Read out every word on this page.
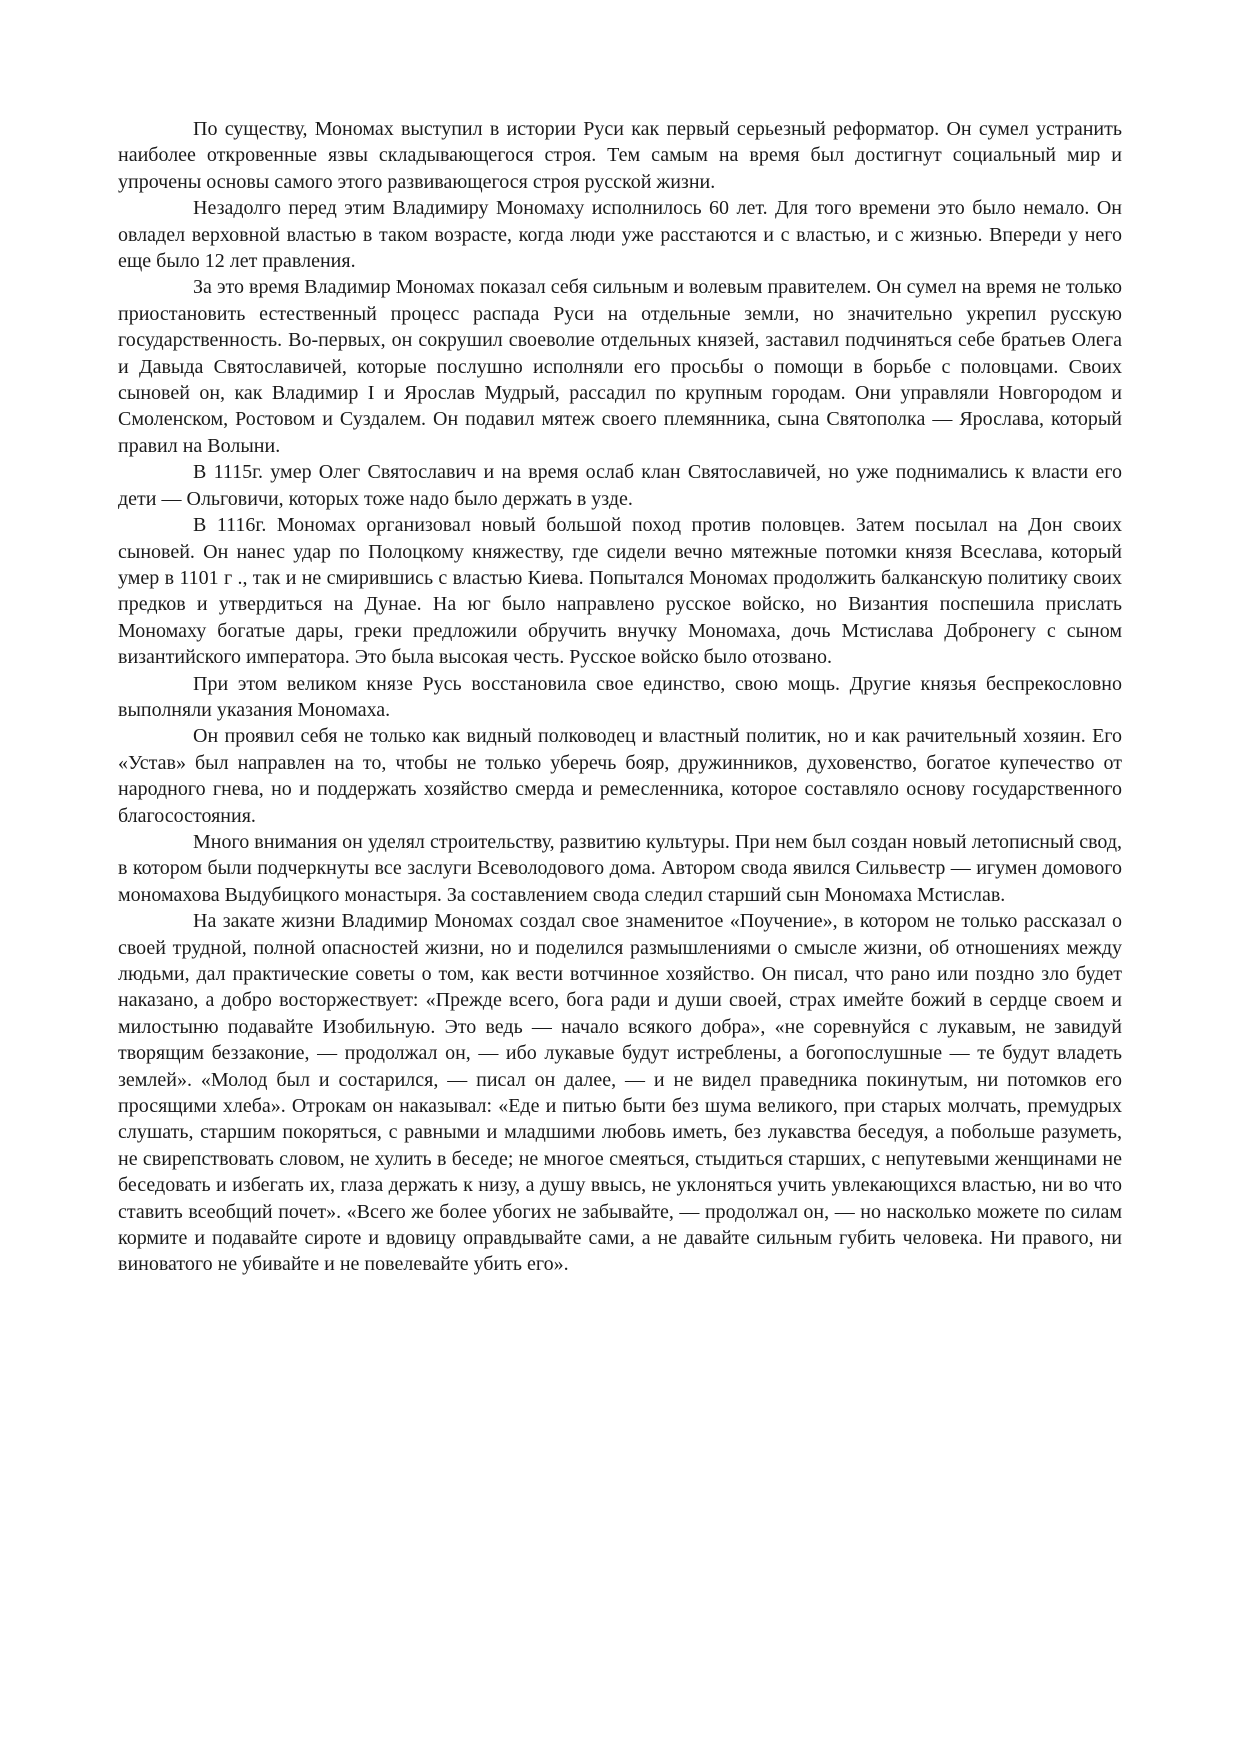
По существу, Мономах выступил в истории Руси как первый серьезный реформатор. Он сумел устранить наиболее откровенные язвы складывающегося строя. Тем самым на время был достигнут социальный мир и упрочены основы самого этого развивающегося строя русской жизни.

Незадолго перед этим Владимиру Мономаху исполнилось 60 лет. Для того времени это было немало. Он овладел верховной властью в таком возрасте, когда люди уже расстаются и с властью, и с жизнью. Впереди у него еще было 12 лет правления.

За это время Владимир Мономах показал себя сильным и волевым правителем. Он сумел на время не только приостановить естественный процесс распада Руси на отдельные земли, но значительно укрепил русскую государственность. Во-первых, он сокрушил своеволие отдельных князей, заставил подчиняться себе братьев Олега и Давыда Святославичей, которые послушно исполняли его просьбы о помощи в борьбе с половцами. Своих сыновей он, как Владимир I и Ярослав Мудрый, рассадил по крупным городам. Они управляли Новгородом и Смоленском, Ростовом и Суздалем. Он подавил мятеж своего племянника, сына Святополка — Ярослава, который правил на Волыни.

В 1115г. умер Олег Святославич и на время ослаб клан Святославичей, но уже поднимались к власти его дети — Ольговичи, которых тоже надо было держать в узде.

В 1116г. Мономах организовал новый большой поход против половцев. Затем посылал на Дон своих сыновей. Он нанес удар по Полоцкому княжеству, где сидели вечно мятежные потомки князя Всеслава, который умер в 1101 г ., так и не смирившись с властью Киева. Попытался Мономах продолжить балканскую политику своих предков и утвердиться на Дунае. На юг было направлено русское войско, но Византия поспешила прислать Мономаху богатые дары, греки предложили обручить внучку Мономаха, дочь Мстислава Добронегу с сыном византийского императора. Это была высокая честь. Русское войско было отозвано.

При этом великом князе Русь восстановила свое единство, свою мощь. Другие князья беспрекословно выполняли указания Мономаха.

Он проявил себя не только как видный полководец и властный политик, но и как рачительный хозяин. Его «Устав» был направлен на то, чтобы не только уберечь бояр, дружинников, духовенство, богатое купечество от народного гнева, но и поддержать хозяйство смерда и ремесленника, которое составляло основу государственного благосостояния.

Много внимания он уделял строительству, развитию культуры. При нем был создан новый летописный свод, в котором были подчеркнуты все заслуги Всеволодового дома. Автором свода явился Сильвестр — игумен домового мономахова Выдубицкого монастыря. За составлением свода следил старший сын Мономаха Мстислав.

На закате жизни Владимир Мономах создал свое знаменитое «Поучение», в котором не только рассказал о своей трудной, полной опасностей жизни, но и поделился размышлениями о смысле жизни, об отношениях между людьми, дал практические советы о том, как вести вотчинное хозяйство. Он писал, что рано или поздно зло будет наказано, а добро восторжествует: «Прежде всего, бога ради и души своей, страх имейте божий в сердце своем и милостыню подавайте Изобильную. Это ведь — начало всякого добра», «не соревнуйся с лукавым, не завидуй творящим беззаконие, — продолжал он, — ибо лукавые будут истреблены, а богопослушные — те будут владеть землей». «Молод был и состарился, — писал он далее, — и не видел праведника покинутым, ни потомков его просящими хлеба». Отрокам он наказывал: «Еде и питью быти без шума великого, при старых молчать, премудрых слушать, старшим покоряться, с равными и младшими любовь иметь, без лукавства беседуя, а побольше разуметь, не свирепствовать словом, не хулить в беседе; не многое смеяться, стыдиться старших, с непутевыми женщинами не беседовать и избегать их, глаза держать к низу, а душу ввысь, не уклоняться учить увлекающихся властью, ни во что ставить всеобщий почет». «Всего же более убогих не забывайте, — продолжал он, — но насколько можете по силам кормите и подавайте сироте и вдовицу оправдывайте сами, а не давайте сильным губить человека. Ни правого, ни виноватого не убивайте и не повелевайте убить его».
